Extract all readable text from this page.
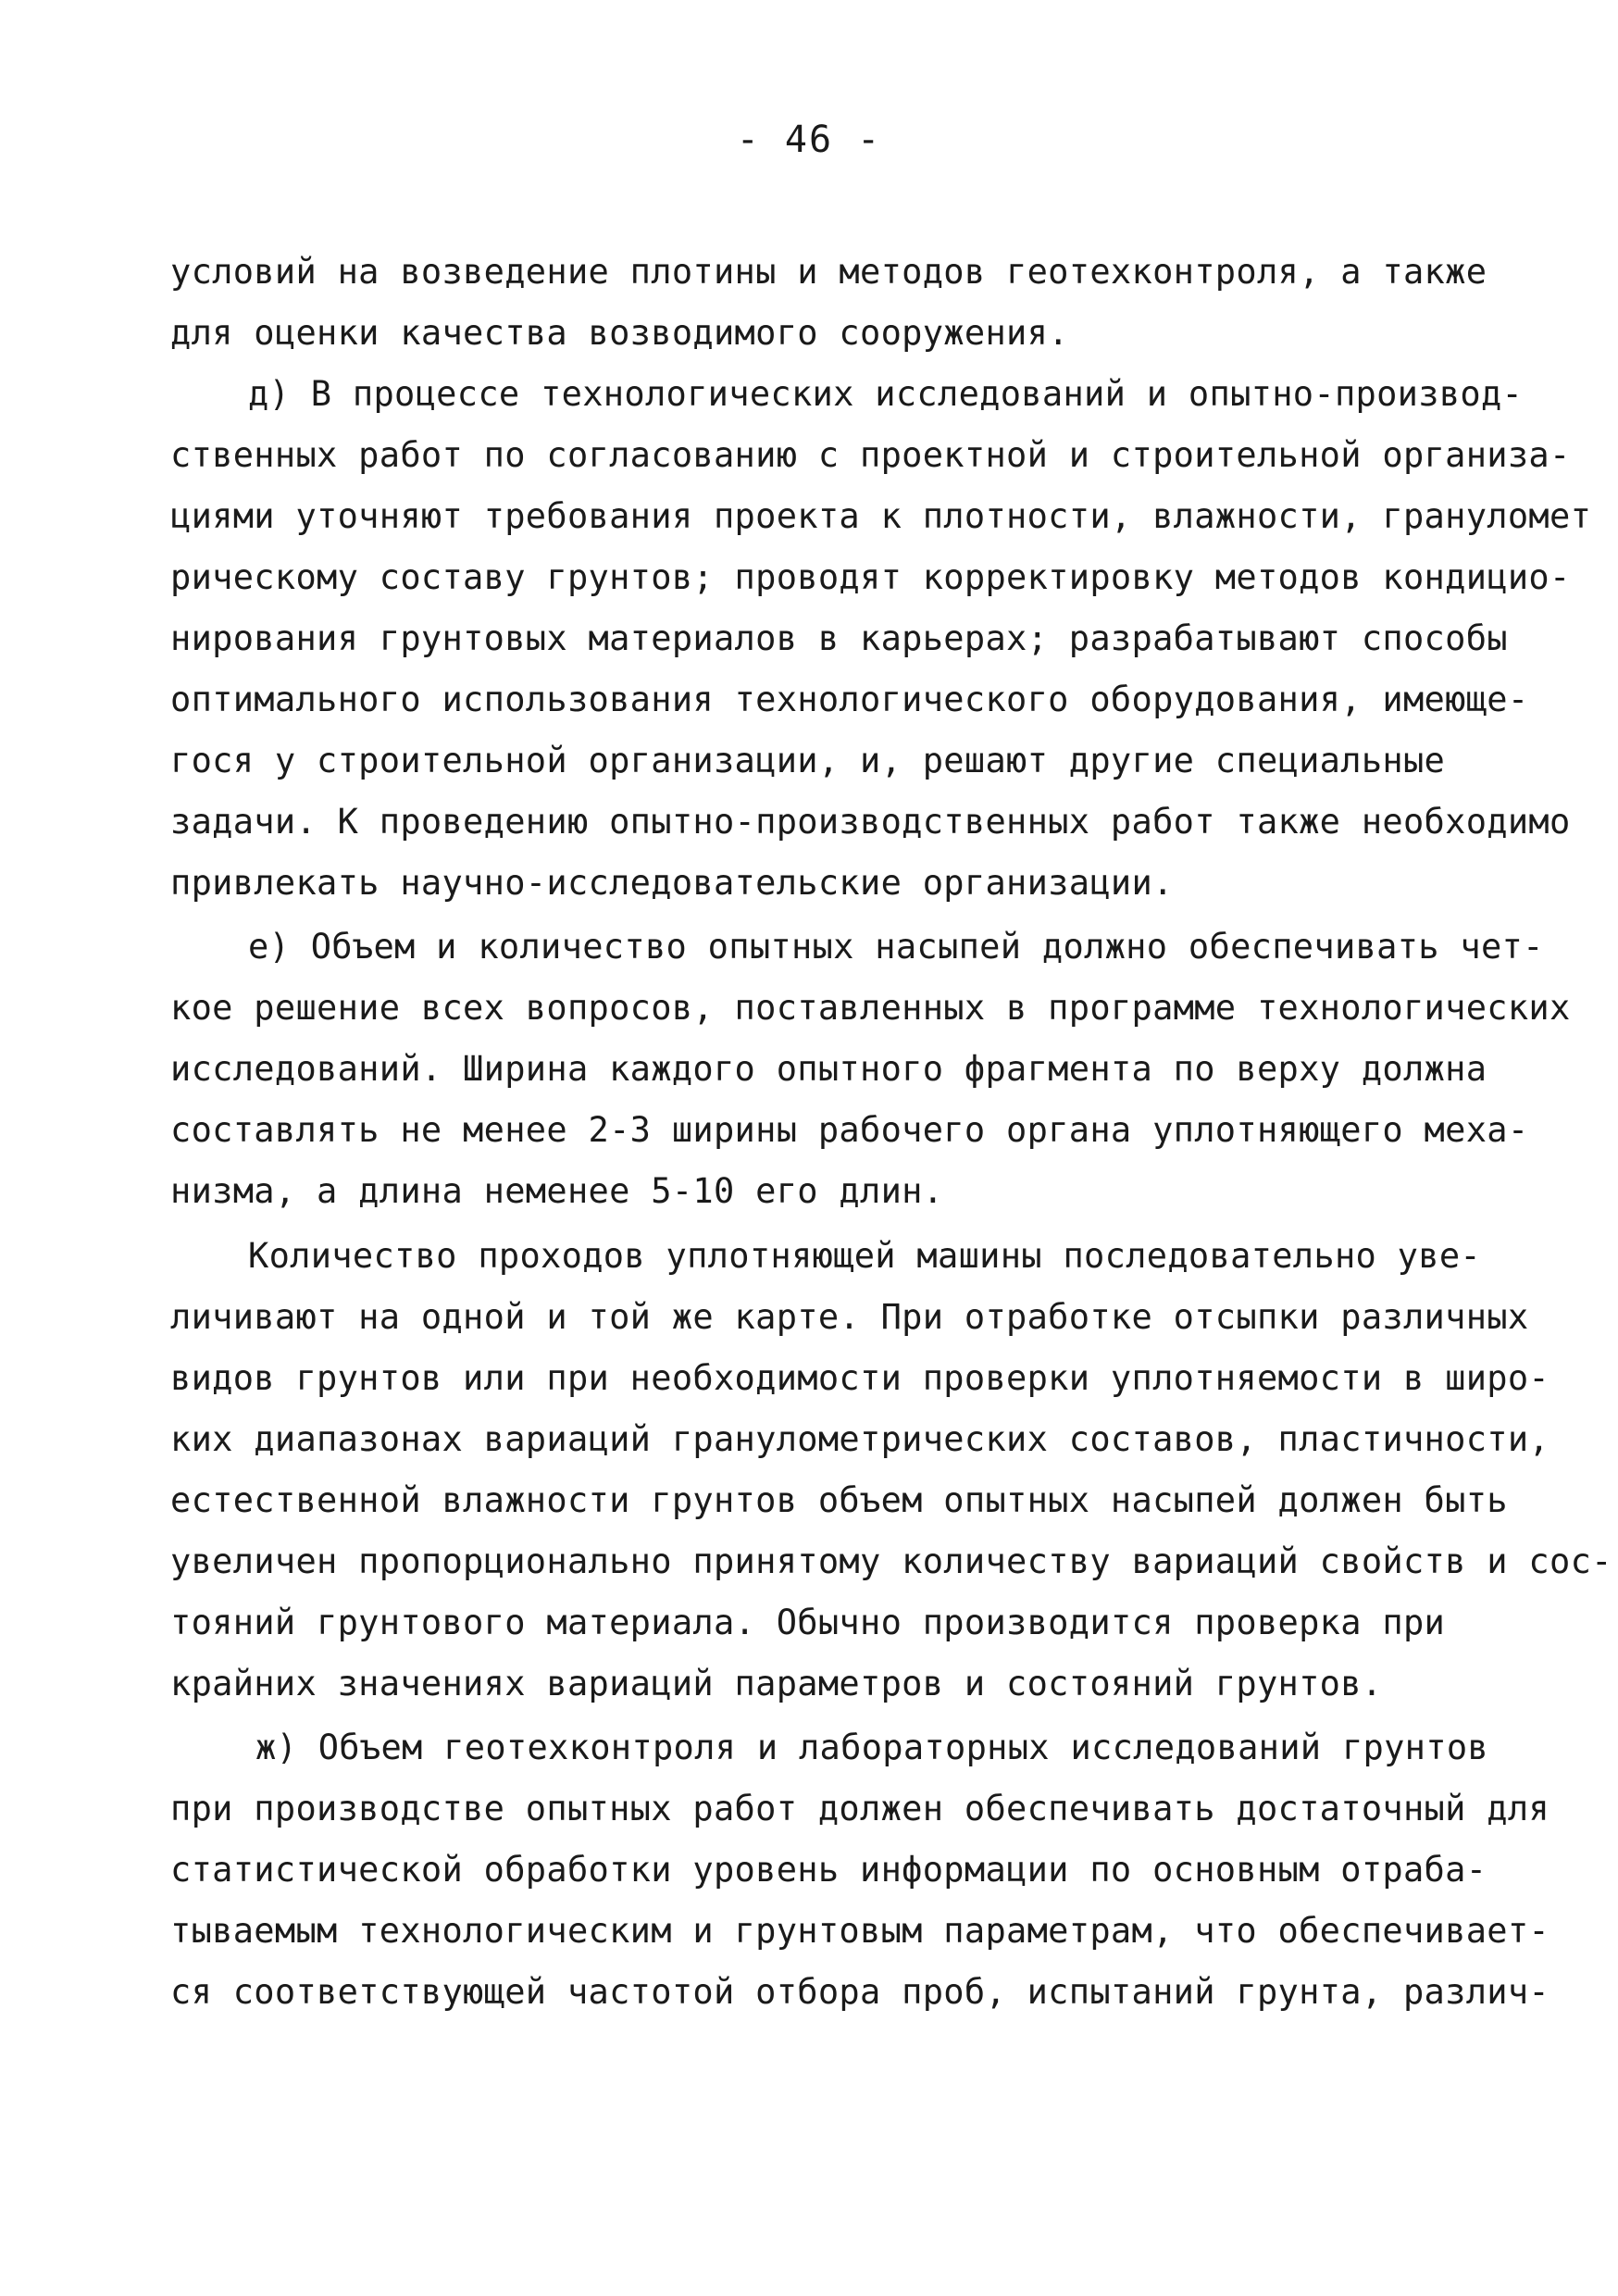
- 46 -
условий на возведение плотины и методов геотехконтроля, а также
для оценки качества возводимого сооружения.
д) В процессе технологических исследований и опытно-производ-
ственных работ по согласованию с проектной и строительной организа-
циями уточняют требования проекта к плотности, влажности, грануломет
рическому составу грунтов; проводят корректировку методов кондицио-
нирования грунтовых материалов в карьерах; разрабатывают способы
оптимального использования технологического оборудования, имеюще-
гося у строительной организации, и, решают другие специальные
задачи. К проведению опытно-производственных работ также необходимо
привлекать научно-исследовательские организации.
е) Объем и количество опытных насыпей должно обеспечивать чет-
кое решение всех вопросов, поставленных в программе технологических
исследований. Ширина каждого опытного фрагмента по верху должна
составлять не менее 2-3 ширины рабочего органа уплотняющего меха-
низма, а длина неменее 5-10 его длин.
Количество проходов уплотняющей машины последовательно уве-
личивают на одной и той же карте. При отработке отсыпки различных
видов грунтов или при необходимости проверки уплотняемости в широ-
ких диапазонах вариаций гранулометрических составов, пластичности,
естественной влажности грунтов объем опытных насыпей должен быть
увеличен пропорционально принятому количеству вариаций свойств и сос-
тояний грунтового материала. Обычно производится проверка при
крайних значениях вариаций параметров и состояний грунтов.
ж) Объем геотехконтроля и лабораторных исследований грунтов
при производстве опытных работ должен обеспечивать достаточный для
статистической обработки уровень информации по основным отраба-
тываемым технологическим и грунтовым параметрам, что обеспечивает-
ся соответствующей частотой отбора проб, испытаний грунта, различ-
